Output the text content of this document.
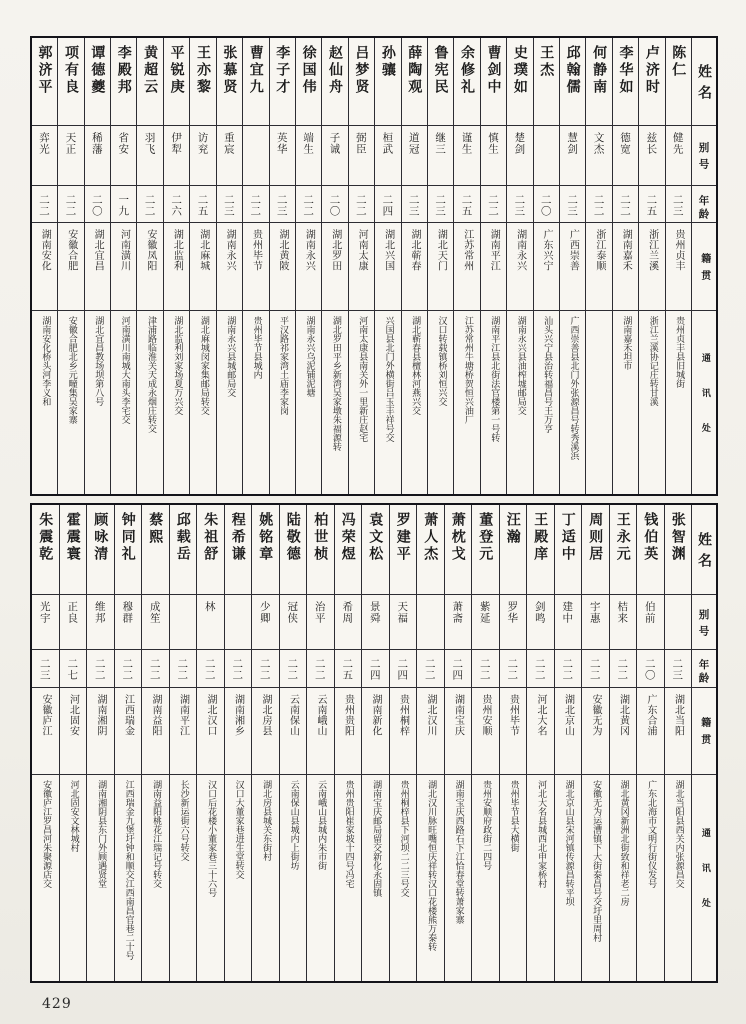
陈仁
健先
二三
贵州贞丰
贵州贞丰县旧城街
卢济时
兹长
二五
浙江兰溪
浙江兰溪协记庄转甘溪
李华如
德宽
二二
湖南嘉禾
湖南嘉禾坦市
何静南
文杰
二二
浙江泰顺
邱翰儒
慧剑
二三
广西崇善
广西崇善县北门外张源昌号转秀溪浜
王杰
二〇
广东兴宁
汕头兴宁县治转福昌号王万亨
史璞如
楚剑
二三
湖南永兴
湖南永兴县油榨墟邮局交
曹剑中
慎生
二二
湖南平江
湖南平江县北街法官楼第一号转
余修礼
谨生
二五
江苏常州
江苏常州牛塘桥贺恒兴油厂
鲁宪民
继三
二三
湖北天门
汉口转载镇桥刘恒兴交
薛陶观
道冠
二三
湖北蕲春
湖北蕲春县檀林河燕兴交
孙骧
桓武
二四
湖北兴国
兴国县北门外横街吕玉丰祥号交
吕梦贤
弼臣
二二
河南太康
河南太康县南关外一里新庄赵宅
赵仙舟
子诚
二〇
湖北罗田
湖北罗田平乡新湾吴家墩朱福源转
徐国伟
端生
二二
湖南永兴
湖南永兴乌泥铺泥塘
李子才
英华
二三
湖北黄陂
平汉路祁家湾土庙李家岗
曹宜九
二二
贵州毕节
贵州毕节县城内
张慕贤
重宸
二三
湖南永兴
湖南永兴县城邮局交
王亦黎
访兖
二五
湖北麻城
湖北麻城闵家集邮局转交
平锐庚
伊犁
二六
湖北监利
湖北监利刘家场夏万兴交
黄超云
羽飞
二二
安徽凤阳
津浦路临淮关天成永烟庄转交
李殿邦
省安
一九
河南潢川
河南潢川南城大南头李宅交
谭德夔
稀藩
二〇
湖北宜昌
湖北宜昌教场坝第八号
项有良
天正
二二
安徽合肥
安徽合肥北乡元疃集吴家寨
郭济平
弈光
二二
湖南安化
湖南安化桥头河李义和
姓名
别号
年龄
籍贯
通讯处
张智渊
二三
湖北当阳
湖北当阳县西关内张源昌交
钱伯英
伯前
二〇
广东合浦
广东北海市文明行街仪发号
王永元
桔来
二二
湖北黄冈
湖北黄冈新洲北街致和祥老二房
周则居
宇惠
二二
安徽无为
安徽无为运漕镇下大街泰昌号交圩里周村
丁适中
建中
二二
湖北京山
湖北京山县宋河镇传源昌转平坝
王殿庠
剑鸣
二二
河北大名
河北大名县城西北申家桥村
汪瀚
罗华
二二
贵州毕节
贵州毕节县大横街
董登元
紫延
二二
贵州安顺
贵州安顺府政街二四号
萧枕戈
萧斋
二四
湖南宝庆
湖南宝庆西路石下江恰春堂转萧家寨
萧人杰
二二
湖北汉川
湖北汉川脉旺嘴恒庆祥转汉口花楼熊万泰转
罗建平
天福
二四
贵州桐梓
贵州桐梓县下河坝二二三号交
袁文松
景舜
二四
湖南新化
湖南宝庆邮局留交新化永固镇
冯荣煜
希周
二五
贵州贵阳
贵州贵阳崔家坡十四号冯宅
柏世桢
治平
二二
云南峨山
云南峨山县城内朱市街
陆敬德
冠侠
二二
云南保山
云南保山县城内上街坊
姚铭章
少卿
二二
湖北房县
湖北房县城关东街村
程希谦
二二
湖南湘乡
汉口大董家巷进生堂转交
朱祖舒
林
二二
湖北汉口
汉口后花楼小董家巷三十六号
邱载岳
二二
湖南平江
长沙新运街六号转交
蔡熙
成笙
二二
湖南益阳
湖南益阳桃花江瑞记号转交
钟同礼
穆群
二二
江西瑞金
江西瑞金九堡圩钟和顺交江西南昌官巷二十号
顾咏清
维邦
二二
湖南湘阴
湖南湘阴县东门外顾遇贤堂
霍震寰
正良
二七
河北固安
河北固安文林城村
朱震乾
光宇
二三
安徽庐江
安徽庐江罗昌河朱聚源店交
姓名
别号
年龄
籍贯
通讯处
429
